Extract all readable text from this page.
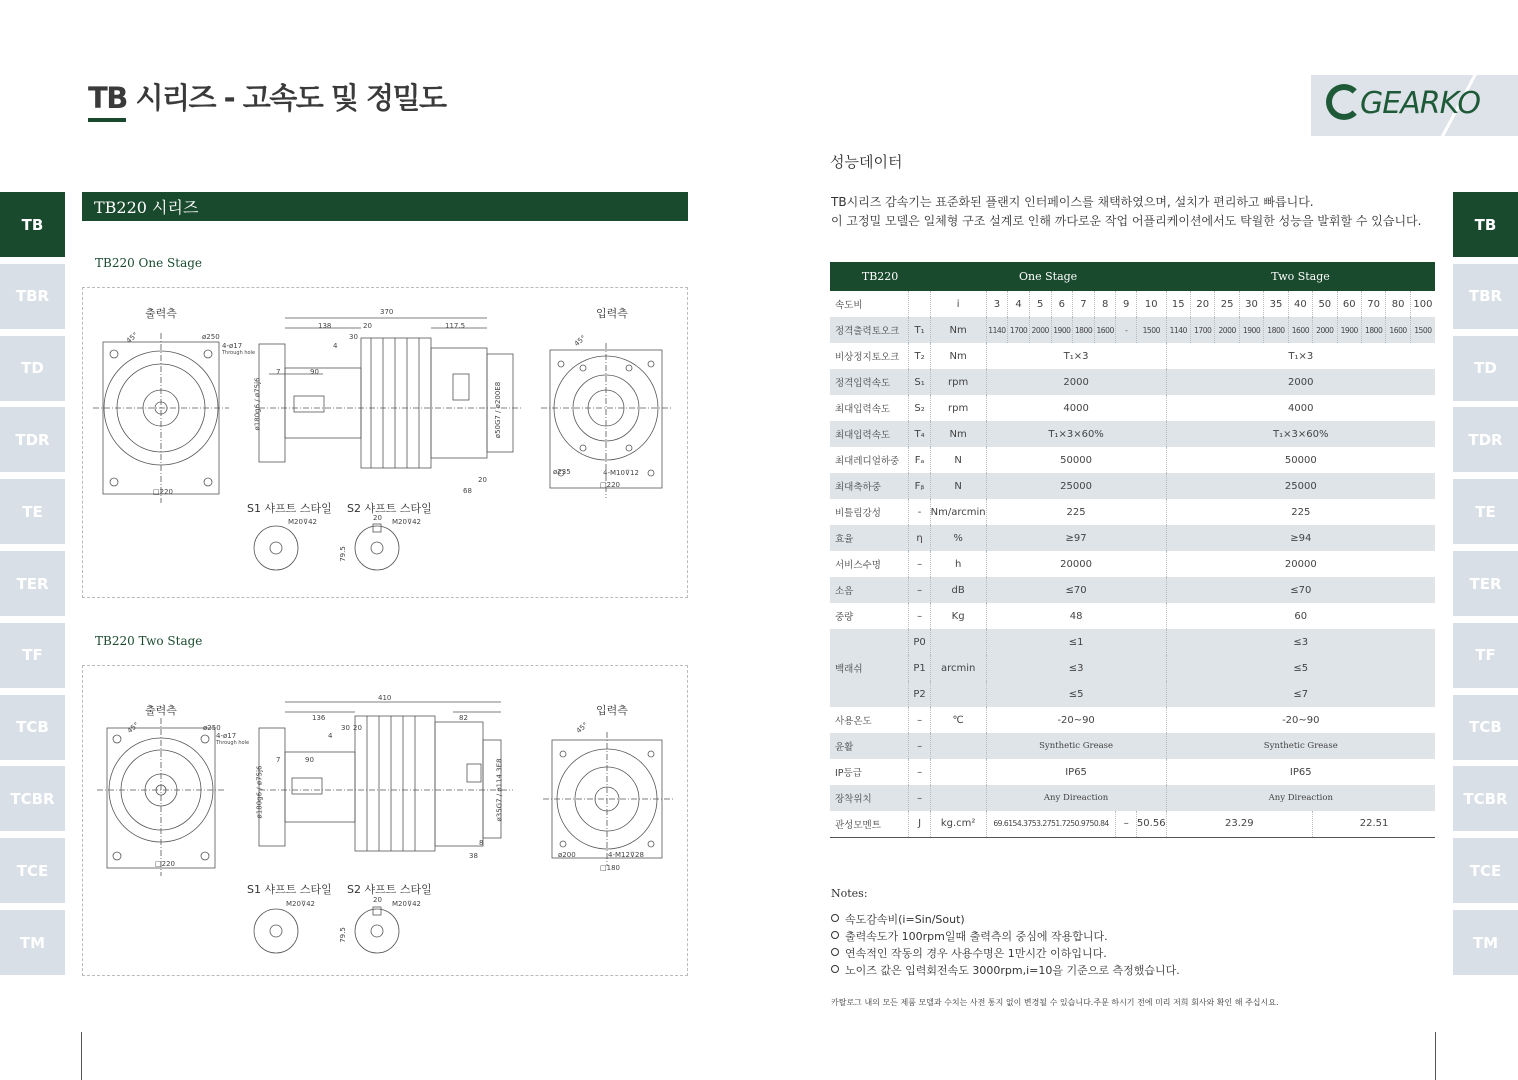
TB 시리즈 - 고속도 및 정밀도	GEARKO
TB
TBR
TD
TDR
TE
TER
TF
TCB
TCBR
TCE
TM
TB
TBR
TD
TDR
TE
TER
TF
TCB
TCBR
TCE
TM
TB220 시리즈
TB220 One Stage
출력측	입력측
S1 샤프트 스타일 S2 샤프트 스타일
370
138	20	117.5
30
4
7	90
ø250
4-ø17
Through hole
45°
□220
ø235	4-M10⊽12
□220
68
20
45°
M20⊽42	M20⊽42
20
79.5
ø180g6 / ø75j6	ø50G7 / ø200E8
TB220 Two Stage
출력측	입력측
S1 샤프트 스타일 S2 샤프트 스타일
410
136
30 20
82
4
7	90
ø250
4-ø17
Through hole
45°
□220
ø200	4-M12⊽28
□180
38
8
45°
M20⊽42	M20⊽42
20
79.5
ø180g6 / ø75j6	ø35G7 / ø114.3E8
성능데이터
TB시리즈 감속기는 표준화된 플랜지 인터페이스를 채택하였으며, 설치가 편리하고 빠릅니다.
이 고정밀 모델은 일체형 구조 설계로 인해 까다로운 작업 어플리케이션에서도 탁월한 성능을 발휘할 수 있습니다.
TB220		One Stage									Two Stage										
속도비		i	3	4	5	6	7	8	9	10	15	20	25	30	35	40	50	60	70	80	100
정격출력토오크	T₁	Nm	1140	1700	2000	1900	1800	1600	-	1500	1140	1700	2000	1900	1800	1600	2000	1900	1800	1600	1500
비상정지토오크	T₂	Nm	T₁×3								T₁×3										
정격입력속도	S₁	rpm	2000								2000										
최대입력속도	S₂	rpm	4000								4000										
최대입력속도	T₄	Nm	T₁×3×60%								T₁×3×60%										
최대레디얼하중	Fₐ	N	50000								50000										
최대축하중	Fᵦ	N	25000								25000										
비틀림강성	-	Nm/arcmin	225								225										
효율	η	%	≥97								≥94										
서비스수명	–	h	20000								20000										
소음	–	dB	≤70								≤70										
중량	–	Kg	48								60										
백래쉬	P0	arcmin	≤1								≤3										
	P1		≤3								≤5										
	P2		≤5								≤7										
사용온도	–	℃	-20~90								-20~90										
윤활	–		Synthetic Grease								Synthetic Grease										
IP등급	–		IP65								IP65										
장착위치	–		Any Direaction								Any Direaction										
관성모멘트	J	kg.cm²	69.6154.3753.2751.7250.9750.84						–	50.56	23.29						22.51				
Notes:
속도감속비(i=Sin/Sout)
출력속도가 100rpm일때 출력측의 중심에 작용합니다.
연속적인 작동의 경우 사용수명은 1만시간 이하입니다.
노이즈 값은 입력회전속도 3000rpm,i=10을 기준으로 측정했습니다.
카탈로그 내의 모든 제품 모델과 수치는 사전 통지 없이 변경될 수 있습니다.주문 하시기 전에 미리 저희 회사와 확인 해 주십시요.
